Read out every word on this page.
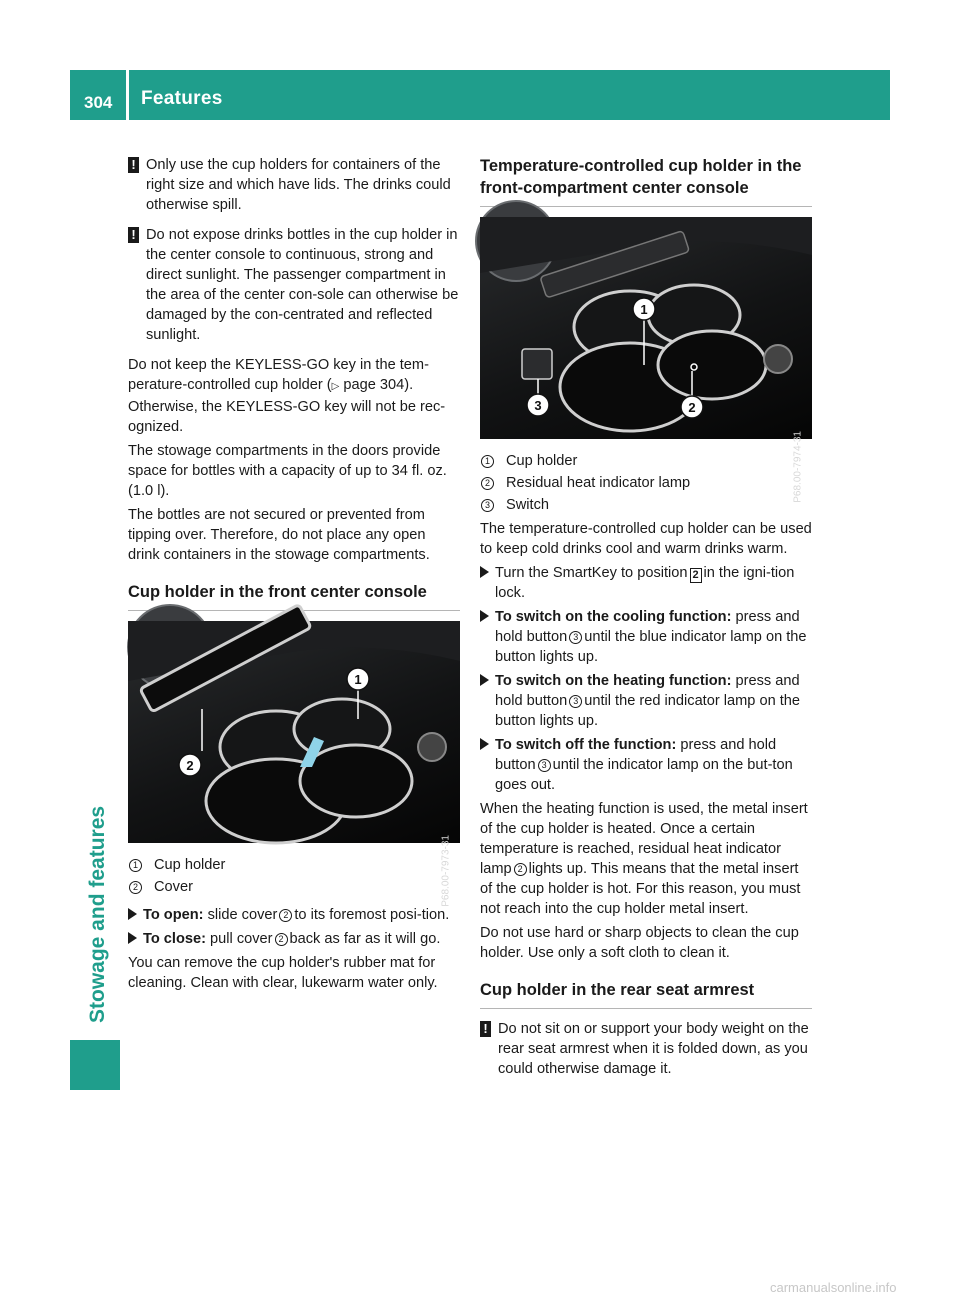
304 Features
Stowage and features
! Only use the cup holders for containers of the right size and which have lids. The drinks could otherwise spill.
! Do not expose drinks bottles in the cup holder in the center console to continuous, strong and direct sunlight. The passenger compartment in the area of the center con-sole can otherwise be damaged by the con-centrated and reflected sunlight.

Do not keep the KEYLESS-GO key in the tem-perature-controlled cup holder (▷ page 304). Otherwise, the KEYLESS-GO key will not be rec-ognized.

The stowage compartments in the doors provide space for bottles with a capacity of up to 34 fl. oz. (1.0 l).

The bottles are not secured or prevented from tipping over. Therefore, do not place any open drink containers in the stowage compartments.

Cup holder in the front center console
2
1
P68.00-7973-31
1 Cup holder
2 Cover
To open: slide cover 2 to its foremost posi-tion.
To close: pull cover 2 back as far as it will go.

You can remove the cup holder's rubber mat for cleaning. Clean with clear, lukewarm water only.

Temperature-controlled cup holder in the front-compartment center console
1
2
3
P68.00-7974-31
1 Cup holder
2 Residual heat indicator lamp
3 Switch

The temperature-controlled cup holder can be used to keep cold drinks cool and warm drinks warm.

Turn the SmartKey to position 2 in the igni-tion lock.
To switch on the cooling function: press and hold button 3 until the blue indicator lamp on the button lights up.
To switch on the heating function: press and hold button 3 until the red indicator lamp on the button lights up.
To switch off the function: press and hold button 3 until the indicator lamp on the but-ton goes out.

When the heating function is used, the metal insert of the cup holder is heated. Once a certain temperature is reached, residual heat indicator lamp 2 lights up. This means that the metal insert of the cup holder is hot. For this reason, you must not reach into the cup holder metal insert.

Do not use hard or sharp objects to clean the cup holder. Use only a soft cloth to clean it.

Cup holder in the rear seat armrest
! Do not sit on or support your body weight on the rear seat armrest when it is folded down, as you could otherwise damage it.
carmanualsonline.info
